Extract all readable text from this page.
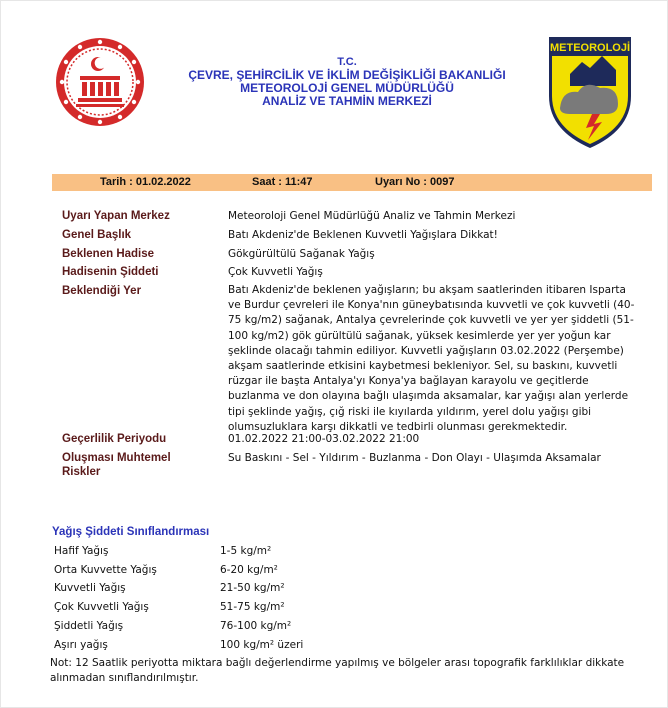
T.C.
ÇEVRE, ŞEHİRCİLİK VE İKLİM DEĞİŞİKLİĞİ BAKANLIĞI
METEOROLOJİ GENEL MÜDÜRLÜĞÜ
ANALİZ VE TAHMİN MERKEZİ
METEOROLOJİ
Tarih : 01.02.2022	Saat : 11:47	Uyarı No : 0097
Uyarı Yapan Merkez	Meteoroloji Genel Müdürlüğü Analiz ve Tahmin Merkezi
Genel Başlık	Batı Akdeniz'de Beklenen Kuvvetli Yağışlara Dikkat!
Beklenen Hadise	Gökgürültülü Sağanak Yağış
Hadisenin Şiddeti	Çok Kuvvetli Yağış
Beklendiği Yer	Batı Akdeniz'de beklenen yağışların; bu akşam saatlerinden itibaren Isparta
ve Burdur çevreleri ile Konya'nın güneybatısında kuvvetli ve çok kuvvetli (40-
75 kg/m2) sağanak, Antalya çevrelerinde çok kuvvetli ve yer yer şiddetli (51-
100 kg/m2) gök gürültülü sağanak, yüksek kesimlerde yer yer yoğun kar
şeklinde olacağı tahmin ediliyor. Kuvvetli yağışların 03.02.2022 (Perşembe)
akşam saatlerinde etkisini kaybetmesi bekleniyor. Sel, su baskını, kuvvetli
rüzgar ile başta Antalya'yı Konya'ya bağlayan karayolu ve geçitlerde
buzlanma ve don olayına bağlı ulaşımda aksamalar, kar yağışı alan yerlerde
tipi şeklinde yağış, çığ riski ile kıyılarda yıldırım, yerel dolu yağışı gibi
olumsuzluklara karşı dikkatli ve tedbirli olunması gerekmektedir.
Geçerlilik Periyodu	01.02.2022 21:00-03.02.2022 21:00
Oluşması Muhtemel
Riskler
Su Baskını - Sel - Yıldırım - Buzlanma - Don Olayı - Ulaşımda Aksamalar
Yağış Şiddeti Sınıflandırması
Hafif Yağış	1-5 kg/m²
Orta Kuvvette Yağış	6-20 kg/m²
Kuvvetli Yağış	21-50 kg/m²
Çok Kuvvetli Yağış	51-75 kg/m²
Şiddetli Yağış	76-100 kg/m²
Aşırı yağış	100 kg/m² üzeri
Not: 12 Saatlik periyotta miktara bağlı değerlendirme yapılmış ve bölgeler arası topografik farklılıklar dikkate
alınmadan sınıflandırılmıştır.
